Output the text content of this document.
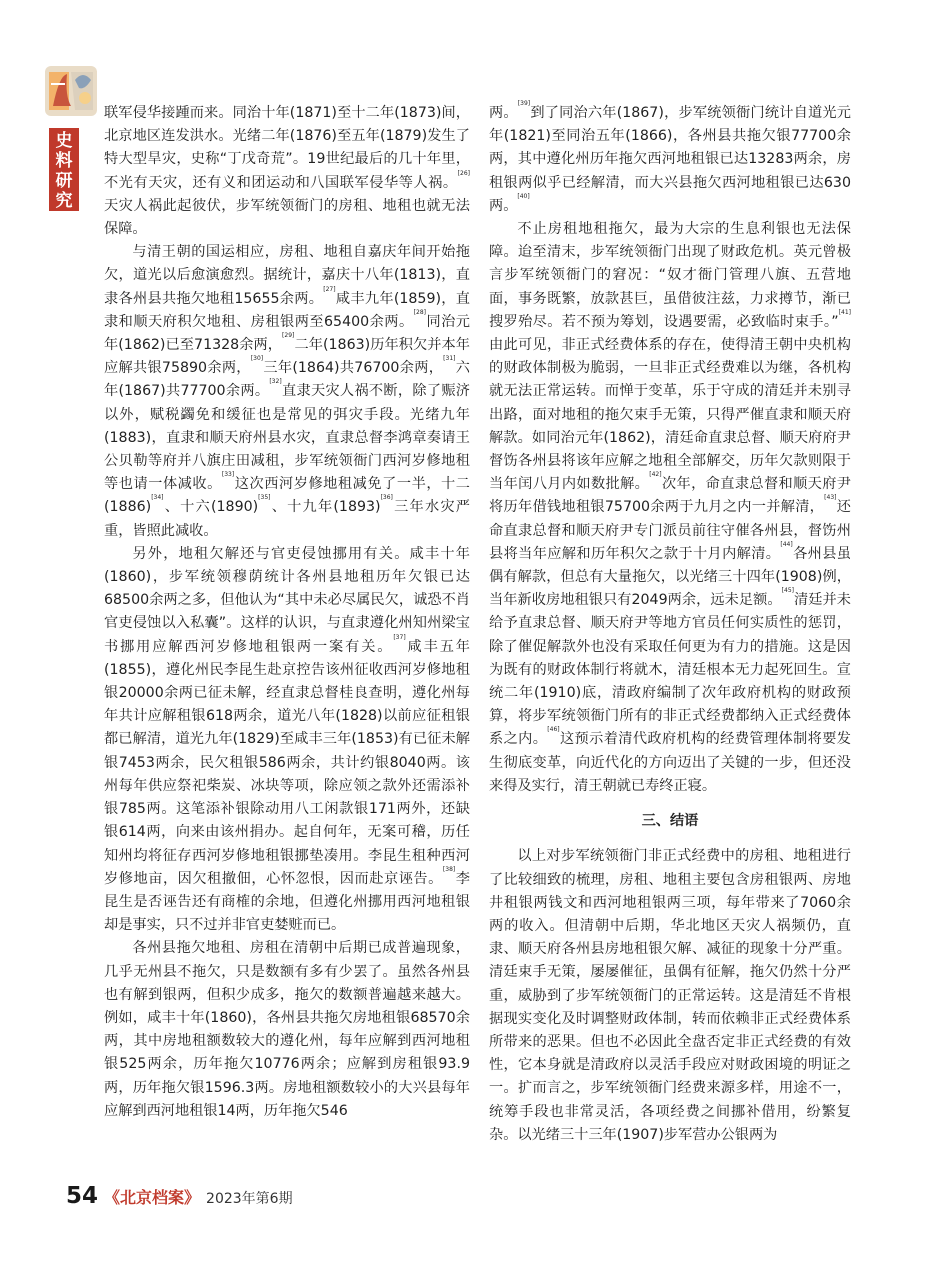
史料研究

联军侵华接踵而来。同治十年(1871)至十二年(1873)间，北京地区连发洪水。光绪二年(1876)至五年(1879)发生了特大型旱灾，史称“丁戊奇荒”。19世纪最后的几十年里，不光有天灾，还有义和团运动和八国联军侵华等人祸。[26]天灾人祸此起彼伏，步军统领衙门的房租、地租也就无法保障。

与清王朝的国运相应，房租、地租自嘉庆年间开始拖欠，道光以后愈演愈烈。据统计，嘉庆十八年(1813)，直隶各州县共拖欠地租15655余两。[27]咸丰九年(1859)，直隶和顺天府积欠地租、房租银两至65400余两。[28]同治元年(1862)已至71328余两，[29]二年(1863)历年积欠并本年应解共银75890余两，[30]三年(1864)共76700余两，[31]六年(1867)共77700余两。[32]直隶天灾人祸不断，除了赈济以外，赋税蠲免和缓征也是常见的弭灾手段。光绪九年(1883)，直隶和顺天府州县水灾，直隶总督李鸿章奏请王公贝勒等府并八旗庄田减租，步军统领衙门西河岁修地租等也请一体减收。[33]这次西河岁修地租减免了一半，十二(1886)[34]、十六(1890)[35]、十九年(1893)[36]三年水灾严重，皆照此减收。

另外，地租欠解还与官吏侵蚀挪用有关。咸丰十年(1860)，步军统领穆荫统计各州县地租历年欠银已达68500余两之多，但他认为“其中未必尽属民欠，诚恐不肖官吏侵蚀以入私囊”。这样的认识，与直隶遵化州知州梁宝书挪用应解西河岁修地租银两一案有关。[37]咸丰五年(1855)，遵化州民李昆生赴京控告该州征收西河岁修地租银20000余两已征未解，经直隶总督桂良查明，遵化州每年共计应解租银618两余，道光八年(1828)以前应征租银都已解清，道光九年(1829)至咸丰三年(1853)有已征未解银7453两余，民欠租银586两余，共计约银8040两。该州每年供应祭祀柴炭、冰块等项，除应领之款外还需添补银785两。这笔添补银除动用八工闲款银171两外，还缺银614两，向来由该州捐办。起自何年，无案可稽，历任知州均将征存西河岁修地租银挪垫凑用。李昆生租种西河岁修地亩，因欠租撤佃，心怀忽恨，因而赴京诬告。[38]李昆生是否诬告还有商榷的余地，但遵化州挪用西河地租银却是事实，只不过并非官吏婪赃而已。

各州县拖欠地租、房租在清朝中后期已成普遍现象，几乎无州县不拖欠，只是数额有多有少罢了。虽然各州县也有解到银两，但积少成多，拖欠的数额普遍越来越大。例如，咸丰十年(1860)，各州县共拖欠房地租银68570余两，其中房地租额数较大的遵化州，每年应解到西河地租银525两余，历年拖欠10776两余；应解到房租银93.9两，历年拖欠银1596.3两。房地租额数较小的大兴县每年应解到西河地租银14两，历年拖欠546

两。[39]到了同治六年(1867)，步军统领衙门统计自道光元年(1821)至同治五年(1866)，各州县共拖欠银77700余两，其中遵化州历年拖欠西河地租银已达13283两余，房租银两似乎已经解清，而大兴县拖欠西河地租银已达630两。[40]

不止房租地租拖欠，最为大宗的生息利银也无法保障。迨至清末，步军统领衙门出现了财政危机。英元曾极言步军统领衙门的窘况：“奴才衙门管理八旗、五营地面，事务既繁，放款甚巨，虽借彼注兹，力求撙节，渐已搜罗殆尽。若不预为筹划，设遇要需，必致临时束手。”[41]由此可见，非正式经费体系的存在，使得清王朝中央机构的财政体制极为脆弱，一旦非正式经费难以为继，各机构就无法正常运转。而惮于变革，乐于守成的清廷并未别寻出路，面对地租的拖欠束手无策，只得严催直隶和顺天府解款。如同治元年(1862)，清廷命直隶总督、顺天府府尹督饬各州县将该年应解之地租全部解交，历年欠款则限于当年闰八月内如数批解。[42]次年，命直隶总督和顺天府尹将历年借钱地租银75700余两于九月之内一并解清，[43]还命直隶总督和顺天府尹专门派员前往守催各州县，督饬州县将当年应解和历年积欠之款于十月内解清。[44]各州县虽偶有解款，但总有大量拖欠，以光绪三十四年(1908)例，当年新收房地租银只有2049两余，远未足额。[45]清廷并未给予直隶总督、顺天府尹等地方官员任何实质性的惩罚，除了催促解款外也没有采取任何更为有力的措施。这是因为既有的财政体制行将就木，清廷根本无力起死回生。宣统二年(1910)底，清政府编制了次年政府机构的财政预算，将步军统领衙门所有的非正式经费都纳入正式经费体系之内。[46]这预示着清代政府机构的经费管理体制将要发生彻底变革，向近代化的方向迈出了关键的一步，但还没来得及实行，清王朝就已寿终正寝。

三、结语

以上对步军统领衙门非正式经费中的房租、地租进行了比较细致的梳理，房租、地租主要包含房租银两、房地井租银两钱文和西河地租银两三项，每年带来了7060余两的收入。但清朝中后期，华北地区天灾人祸频仍，直隶、顺天府各州县房地租银欠解、减征的现象十分严重。清廷束手无策，屡屡催征，虽偶有征解，拖欠仍然十分严重，威胁到了步军统领衙门的正常运转。这是清廷不肯根据现实变化及时调整财政体制，转而依赖非正式经费体系所带来的恶果。但也不必因此全盘否定非正式经费的有效性，它本身就是清政府以灵活手段应对财政困境的明证之一。扩而言之，步军统领衙门经费来源多样，用途不一，统筹手段也非常灵活，各项经费之间挪补借用，纷繁复杂。以光绪三十三年(1907)步军营办公银两为

54 《北京档案》 2023年第6期
